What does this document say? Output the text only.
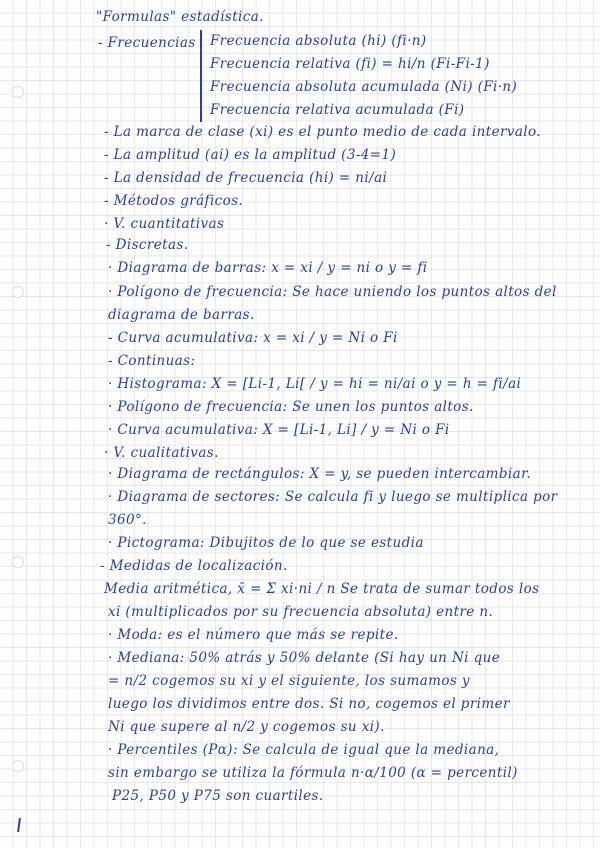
"Formulas" estadística.
- Frecuencias Frecuencia absoluta (hi) (fi·n)
Frecuencia relativa (fi) = hi/n (Fi-Fi-1)
Frecuencia absoluta acumulada (Ni) (Fi·n)
Frecuencia relativa acumulada (Fi)
- La marca de clase (xi) es el punto medio de cada intervalo.
- La amplitud (ai) es la amplitud (3-4=1)
- La densidad de frecuencia (hi) = ni/ai
- Métodos gráficos.
· V. cuantitativas
- Discretas.
· Diagrama de barras: x = xi / y = ni o y = fi
· Polígono de frecuencia: Se hace uniendo los puntos altos del
diagrama de barras.
- Curva acumulativa: x = xi / y = Ni o Fi
- Continuas:
· Histograma: X = [Li-1, Li[ / y = hi = ni/ai o y = h = fi/ai
· Polígono de frecuencia: Se unen los puntos altos.
· Curva acumulativa: X = [Li-1, Li] / y = Ni o Fi
· V. cualitativas.
· Diagrama de rectángulos: X = y, se pueden intercambiar.
· Diagrama de sectores: Se calcula fi y luego se multiplica por
360°.
· Pictograma: Dibujitos de lo que se estudia
- Medidas de localización.
Media aritmética, x̄ = Σ xi·ni / n Se trata de sumar todos los
xi (multiplicados por su frecuencia absoluta) entre n.
· Moda: es el número que más se repite.
· Mediana: 50% atrás y 50% delante (Si hay un Ni que
= n/2 cogemos su xi y el siguiente, los sumamos y
luego los dividimos entre dos. Si no, cogemos el primer
Ni que supere al n/2 y cogemos su xi).
· Percentiles (Pα): Se calcula de igual que la mediana,
sin embargo se utiliza la fórmula n·α/100 (α = percentil)
P25, P50 y P75 son cuartiles.
